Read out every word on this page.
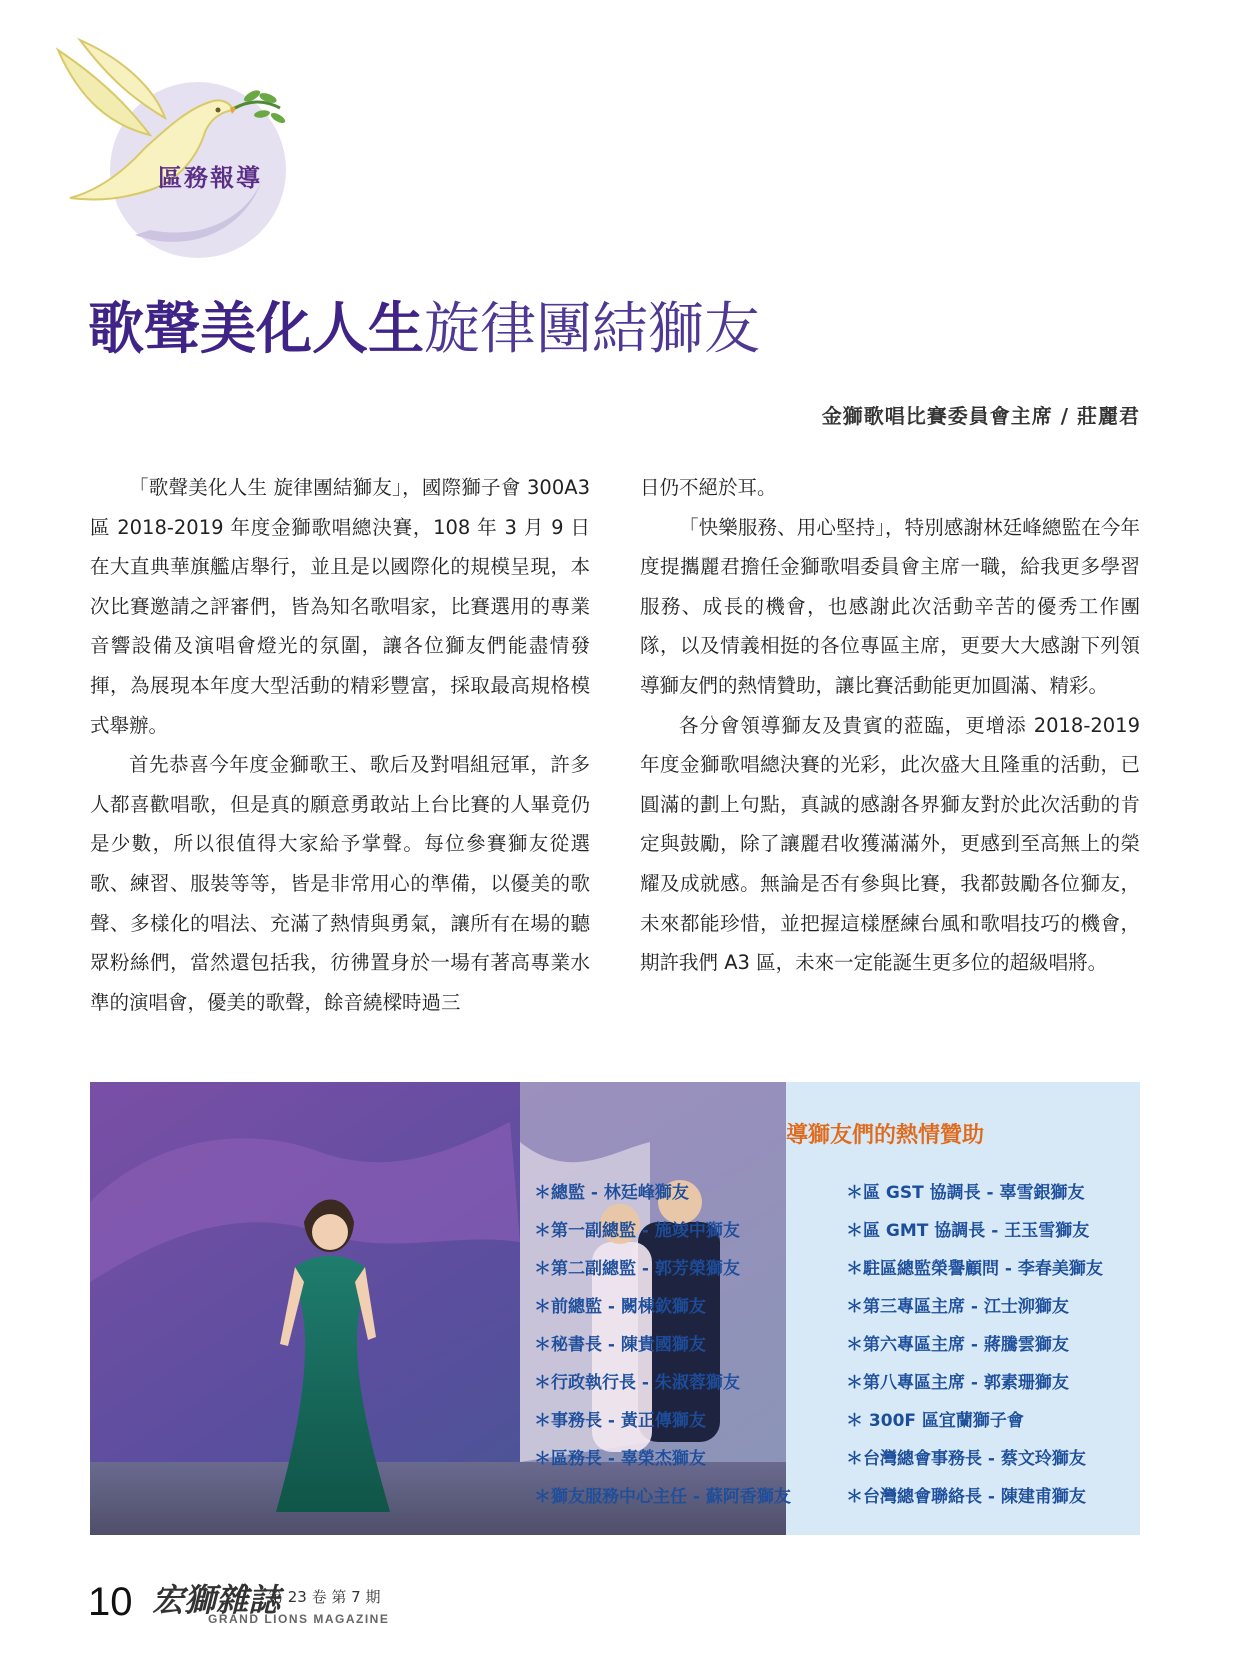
區務報導
歌聲美化人生旋律團結獅友
金獅歌唱比賽委員會主席 / 莊麗君

「歌聲美化人生 旋律團結獅友」，國際獅子會 300A3 區 2018-2019 年度金獅歌唱總決賽，108 年 3 月 9 日在大直典華旗艦店舉行，並且是以國際化的規模呈現，本次比賽邀請之評審們，皆為知名歌唱家，比賽選用的專業音響設備及演唱會燈光的氛圍，讓各位獅友們能盡情發揮，為展現本年度大型活動的精彩豐富，採取最高規格模式舉辦。

首先恭喜今年度金獅歌王、歌后及對唱組冠軍，許多人都喜歡唱歌，但是真的願意勇敢站上台比賽的人畢竟仍是少數，所以很值得大家給予掌聲。每位參賽獅友從選歌、練習、服裝等等，皆是非常用心的準備，以優美的歌聲、多樣化的唱法、充滿了熱情與勇氣，讓所有在場的聽眾粉絲們，當然還包括我，彷彿置身於一場有著高專業水準的演唱會，優美的歌聲，餘音繞樑時過三

日仍不絕於耳。

「快樂服務、用心堅持」，特別感謝林廷峰總監在今年度提攜麗君擔任金獅歌唱委員會主席一職，給我更多學習服務、成長的機會，也感謝此次活動辛苦的優秀工作團隊，以及情義相挺的各位專區主席，更要大大感謝下列領導獅友們的熱情贊助，讓比賽活動能更加圓滿、精彩。

各分會領導獅友及貴賓的蒞臨，更增添 2018-2019 年度金獅歌唱總決賽的光彩，此次盛大且隆重的活動，已圓滿的劃上句點，真誠的感謝各界獅友對於此次活動的肯定與鼓勵，除了讓麗君收獲滿滿外，更感到至高無上的榮耀及成就感。無論是否有參與比賽，我都鼓勵各位獅友，未來都能珍惜，並把握這樣歷練台風和歌唱技巧的機會，期許我們 A3 區，未來一定能誕生更多位的超級唱將。

導獅友們的熱情贊助
＊總監 - 林廷峰獅友
＊第一副總監 - 施竣中獅友
＊第二副總監 - 郭芳榮獅友
＊前總監 - 闕棟欽獅友
＊秘書長 - 陳貴國獅友
＊行政執行長 - 朱淑蓉獅友
＊事務長 - 黃正傳獅友
＊區務長 - 辜榮杰獅友
＊獅友服務中心主任 - 蘇阿香獅友
＊區 GST 協調長 - 辜雪銀獅友
＊區 GMT 協調長 - 王玉雪獅友
＊駐區總監榮譽顧問 - 李春美獅友
＊第三專區主席 - 江士泖獅友
＊第六專區主席 - 蔣騰雲獅友
＊第八專區主席 - 郭素珊獅友
＊ 300F 區宜蘭獅子會
＊台灣總會事務長 - 蔡文玲獅友
＊台灣總會聯絡長 - 陳建甫獅友
10 宏獅雜誌
第 23 卷 第 7 期
GRAND LIONS MAGAZINE
